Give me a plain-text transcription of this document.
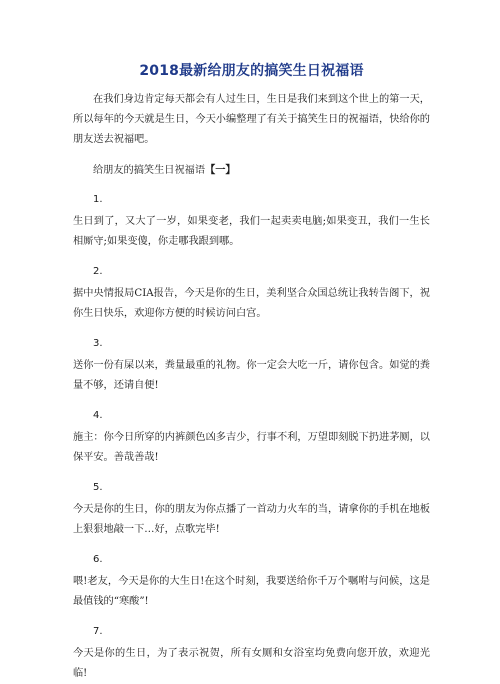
2018最新给朋友的搞笑生日祝福语

在我们身边肯定每天都会有人过生日，生日是我们来到这个世上的第一天，所以每年的今天就是生日，今天小编整理了有关于搞笑生日的祝福语，快给你的朋友送去祝福吧。

给朋友的搞笑生日祝福语【一】

1.

生日到了，又大了一岁，如果变老，我们一起卖卖电脑;如果变丑，我们一生长相厮守;如果变傻，你走哪我跟到哪。

2.

据中央情报局CIA报告，今天是你的生日，美利坚合众国总统让我转告阁下，祝你生日快乐，欢迎你方便的时候访问白宫。

3.

送你一份有屎以来，粪量最重的礼物。你一定会大吃一斤，请你包含。如觉的粪量不够，还请自便!

4.

施主：你今日所穿的内裤颜色凶多吉少，行事不利，万望即刻脱下扔进茅厕，以保平安。善哉善哉!

5.

今天是你的生日，你的朋友为你点播了一首动力火车的当，请拿你的手机在地板上狠狠地敲一下…好，点歌完毕!

6.

喂!老友，今天是你的大生日!在这个时刻，我要送给你千万个嘱咐与问候，这是最值钱的“寒酸”!

7.

今天是你的生日，为了表示祝贺，所有女厕和女浴室均免费向您开放，欢迎光临!
